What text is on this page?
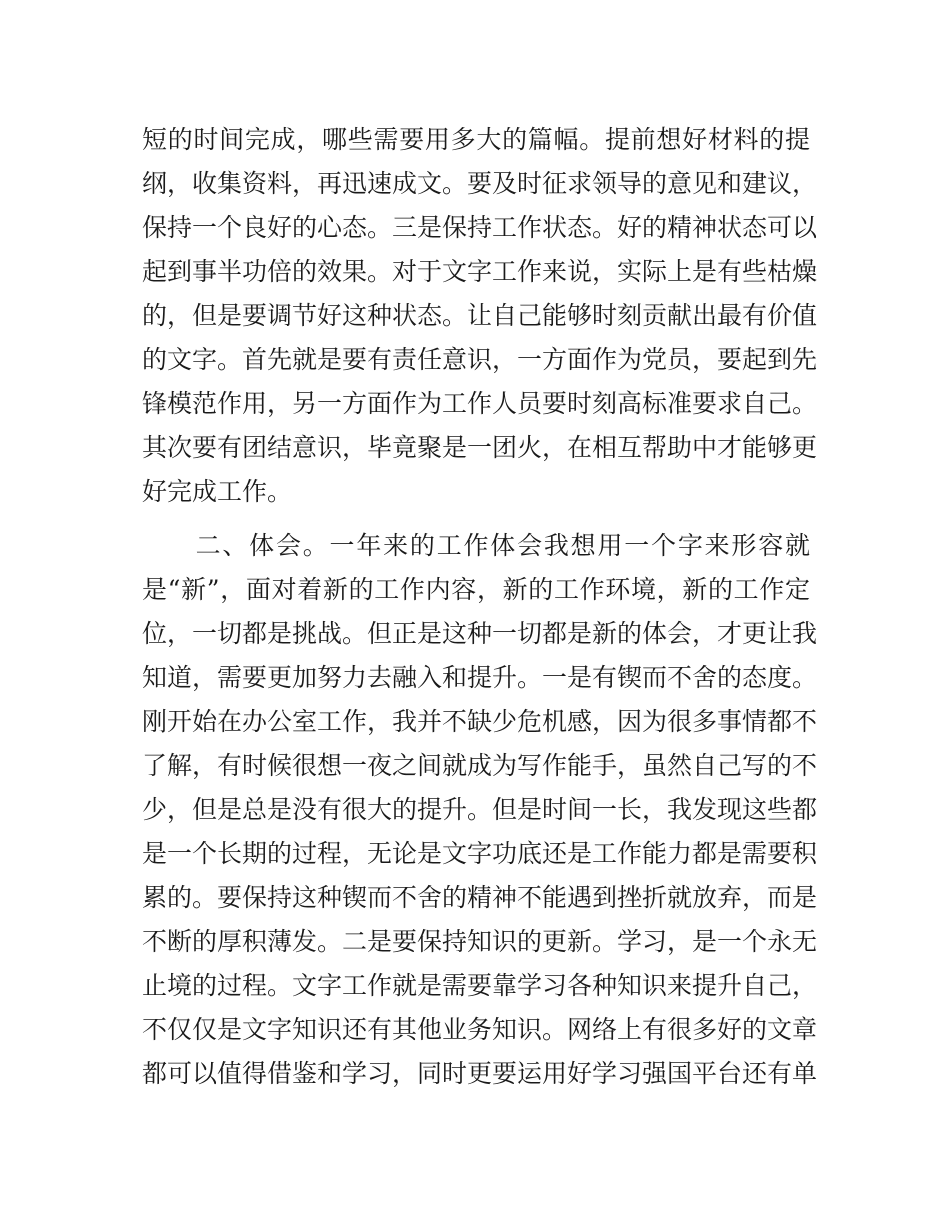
短的时间完成，哪些需要用多大的篇幅。提前想好材料的提
纲，收集资料，再迅速成文。要及时征求领导的意见和建议，
保持一个良好的心态。三是保持工作状态。好的精神状态可以
起到事半功倍的效果。对于文字工作来说，实际上是有些枯燥
的，但是要调节好这种状态。让自己能够时刻贡献出最有价值
的文字。首先就是要有责任意识，一方面作为党员，要起到先
锋模范作用，另一方面作为工作人员要时刻高标准要求自己。
其次要有团结意识，毕竟聚是一团火，在相互帮助中才能够更
好完成工作。
　　二、体会。一年来的工作体会我想用一个字来形容就
是“新”，面对着新的工作内容，新的工作环境，新的工作定
位，一切都是挑战。但正是这种一切都是新的体会，才更让我
知道，需要更加努力去融入和提升。一是有锲而不舍的态度。
刚开始在办公室工作，我并不缺少危机感，因为很多事情都不
了解，有时候很想一夜之间就成为写作能手，虽然自己写的不
少，但是总是没有很大的提升。但是时间一长，我发现这些都
是一个长期的过程，无论是文字功底还是工作能力都是需要积
累的。要保持这种锲而不舍的精神不能遇到挫折就放弃，而是
不断的厚积薄发。二是要保持知识的更新。学习，是一个永无
止境的过程。文字工作就是需要靠学习各种知识来提升自己，
不仅仅是文字知识还有其他业务知识。网络上有很多好的文章
都可以值得借鉴和学习，同时更要运用好学习强国平台还有单
